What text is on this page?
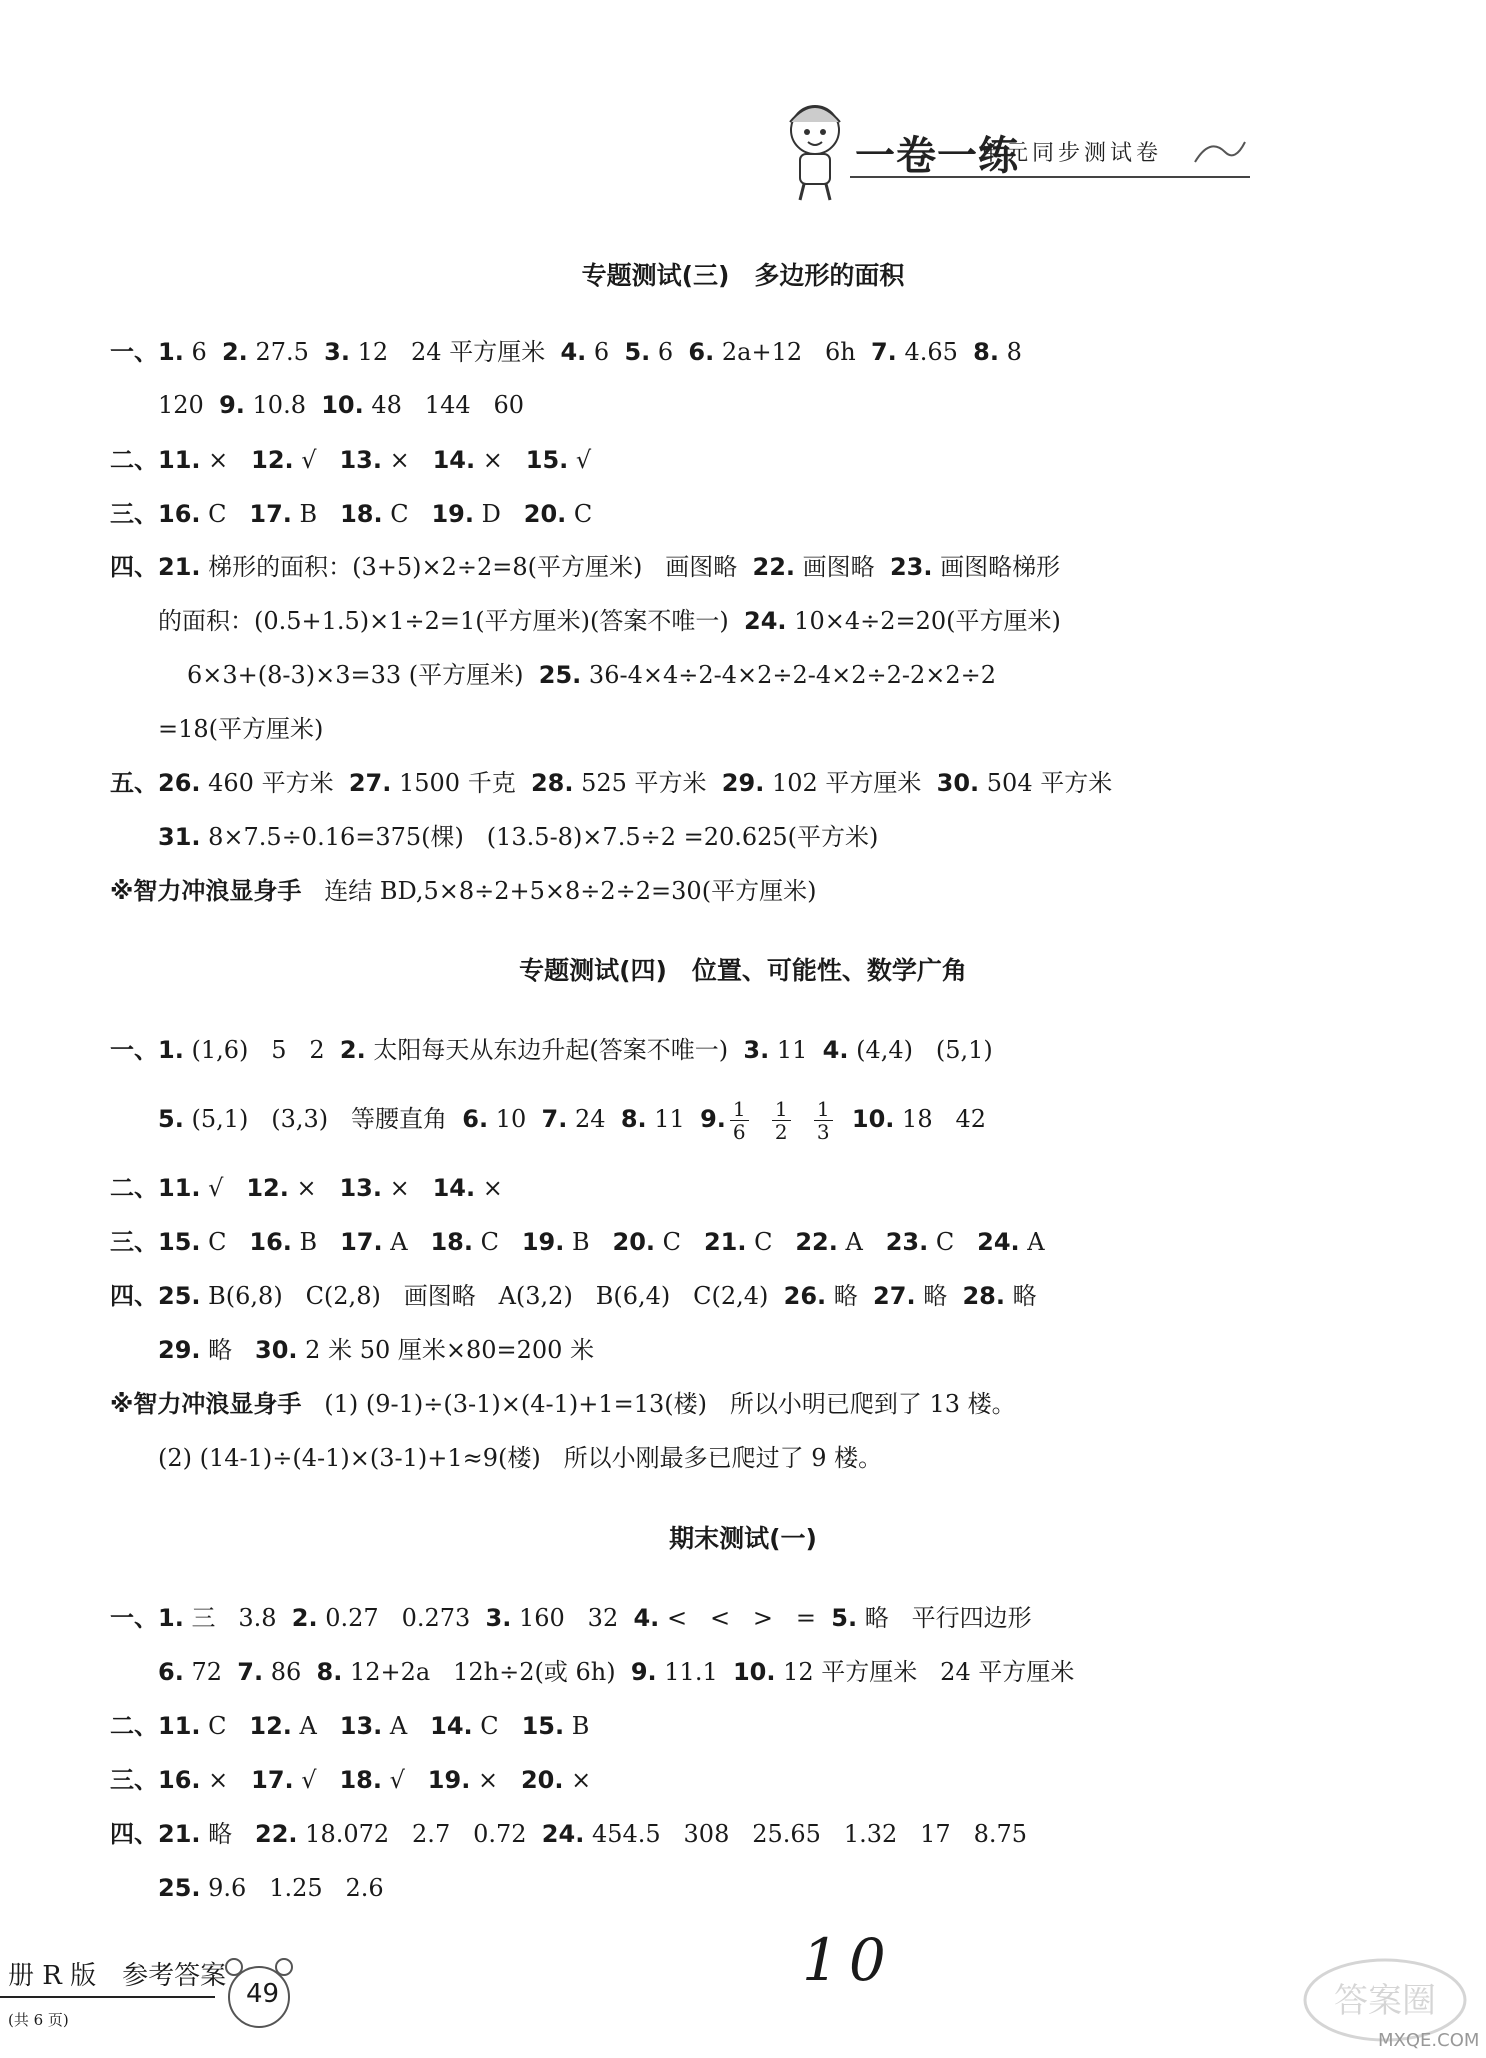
一卷一练
单元同步测试卷
专题测试(三)　多边形的面积
一、1. 6  2. 27.5  3. 12   24 平方厘米  4. 6  5. 6  6. 2a+12   6h  7. 4.65  8. 8
120  9. 10.8  10. 48   144   60
二、11. ×   12. √   13. ×   14. ×   15. √
三、16. C   17. B   18. C   19. D   20. C
四、21. 梯形的面积：(3+5)×2÷2=8(平方厘米)   画图略  22. 画图略  23. 画图略梯形
的面积：(0.5+1.5)×1÷2=1(平方厘米)(答案不唯一)  24. 10×4÷2=20(平方厘米)
6×3+(8-3)×3=33 (平方厘米)  25. 36-4×4÷2-4×2÷2-4×2÷2-2×2÷2
=18(平方厘米)
五、26. 460 平方米  27. 1500 千克  28. 525 平方米  29. 102 平方厘米  30. 504 平方米
31. 8×7.5÷0.16=375(棵)   (13.5-8)×7.5÷2 =20.625(平方米)
※智力冲浪显身手   连结 BD,5×8÷2+5×8÷2÷2=30(平方厘米)
专题测试(四)　位置、可能性、数学广角
一、1. (1,6)   5   2  2. 太阳每天从东边升起(答案不唯一)  3. 11  4. (4,4)   (5,1)
5. (5,1)   (3,3)   等腰直角  6. 10  7. 24  8. 11  9. $\frac{1}{6}$
$\frac{1}{2}$
$\frac{1}{3} 10$. 18   42
二、11. √   12. ×   13. ×   14. ×
三、15. C   16. B   17. A   18. C   19. B   20. C   21. C   22. A   23. C   24. A
四、25. B(6,8)   C(2,8)   画图略   A(3,2)   B(6,4)   C(2,4)  26. 略  27. 略  28. 略
29. 略   30. 2 米 50 厘米×80=200 米
※智力冲浪显身手   (1) (9-1)÷(3-1)×(4-1)+1=13(楼)   所以小明已爬到了 13 楼。
(2) (14-1)÷(4-1)×(3-1)+1≈9(楼)   所以小刚最多已爬过了 9 楼。
期末测试(一)
一、1. 三   3.8  2. 0.27   0.273  3. 160   32  4. <   <   >   =  5. 略   平行四边形
6. 72  7. 86  8. 12+2a   12h÷2(或 6h)  9. 11.1  10. 12 平方厘米   24 平方厘米
二、11. C   12. A   13. A   14. C   15. B
三、16. ×   17. √   18. √   19. ×   20. ×
四、21. 略   22. 18.072   2.7   0.72  24. 454.5   308   25.65   1.32   17   8.75
25. 9.6   1.25   2.6
册 R 版　参考答案
(共 6 页)
49	10
答案圈
MXQE.COM
